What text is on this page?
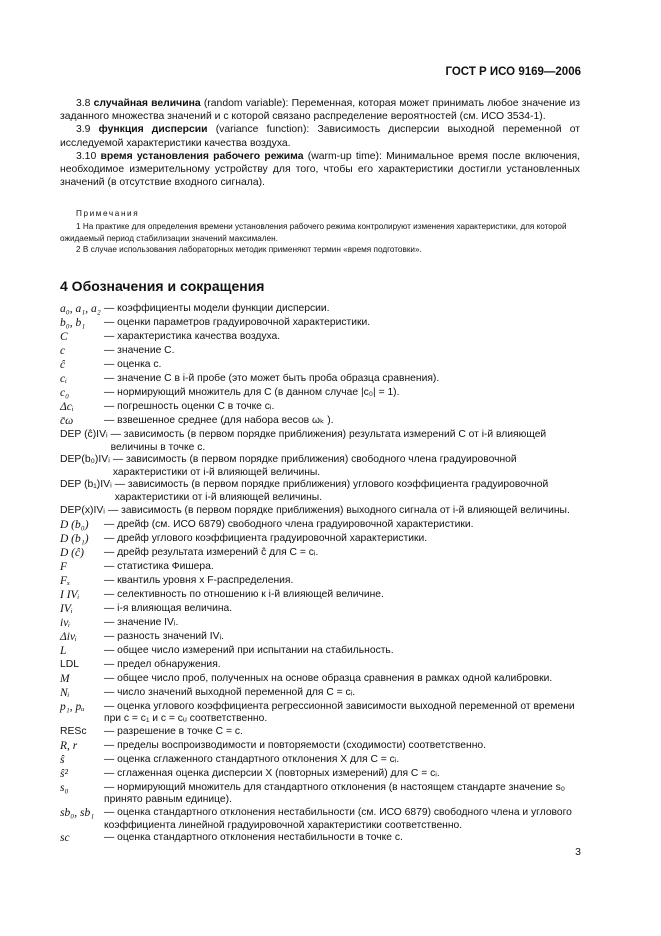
ГОСТ Р ИСО 9169—2006

3.8 случайная величина (random variable): Переменная, которая может принимать любое значение из заданного множества значений и с которой связано распределение вероятностей (см. ИСО 3534-1).

3.9 функция дисперсии (variance function): Зависимость дисперсии выходной переменной от исследуемой характеристики качества воздуха.

3.10 время установления рабочего режима (warm-up time): Минимальное время после включения, необходимое измерительному устройству для того, чтобы его характеристики достигли установленных значений (в отсутствие входного сигнала).

Примечания

1 На практике для определения времени установления рабочего режима контролируют изменения характеристики, для которой ожидаемый период стабилизации значений максимален.

2 В случае использования лабораторных методик применяют термин «время подготовки».

4 Обозначения и сокращения
a₀, a₁, a₂ — коэффициенты модели функции дисперсии.
b₀, b₁	— оценки параметров градуировочной характеристики.
C	— характеристика качества воздуха.
c	— значение C.
ĉ	— оценка c.
cᵢ	— значение C в i-й пробе (это может быть проба образца сравнения).
c₀	— нормирующий множитель для C (в данном случае |c₀| = 1).
Δcᵢ	— погрешность оценки C в точке cᵢ.
c̄ω	— взвешенное среднее (для набора весов ωₖ ).
DEP (ĉ)IVᵢ — зависимость (в первом порядке приближения) результата измерений C от i-й влияющей величины в точке c.
DEP(b₀)IVᵢ — зависимость (в первом порядке приближения) свободного члена градуировочной характеристики от i-й влияющей величины.
DEP (b₁)IVᵢ — зависимость (в первом порядке приближения) углового коэффициента градуировочной характеристики от i-й влияющей величины.
DEP(x)IVᵢ — зависимость (в первом порядке приближения) выходного сигнала от i-й влияющей величины.
D (b₀)	— дрейф (см. ИСО 6879) свободного члена градуировочной характеристики.
D (b₁)	— дрейф углового коэффициента градуировочной характеристики.
D (ĉ)	— дрейф результата измерений ĉ для C = cᵢ.
F	— статистика Фишера.
Fₓ	— квантиль уровня x F-распределения.
I IVᵢ	— селективность по отношению к i-й влияющей величине.
IVᵢ	— i-я влияющая величина.
ivᵢ	— значение IVᵢ.
Δivᵢ	— разность значений IVᵢ.
L	— общее число измерений при испытании на стабильность.
LDL	— предел обнаружения.
M	— общее число проб, полученных на основе образца сравнения в рамках одной калибровки.
Nᵢ	— число значений выходной переменной для C = cᵢ.
p₁, pᵤ	— оценка углового коэффициента регрессионной зависимости выходной переменной от времени при c = c₁ и c = cᵤ соответственно.
RESc	— разрешение в точке C = c.
R, r	— пределы воспроизводимости и повторяемости (сходимости) соответственно.
ŝ	— оценка сглаженного стандартного отклонения X для C = cᵢ.
ŝ²	— сглаженная оценка дисперсии X (повторных измерений) для C = cᵢ.
s₀	— нормирующий множитель для стандартного отклонения (в настоящем стандарте значение s₀ принято равным единице).
sb₀, sb₁ — оценка стандартного отклонения нестабильности (см. ИСО 6879) свободного члена и углового коэффициента линейной градуировочной характеристики соответственно.
sc	— оценка стандартного отклонения нестабильности в точке c.
3
